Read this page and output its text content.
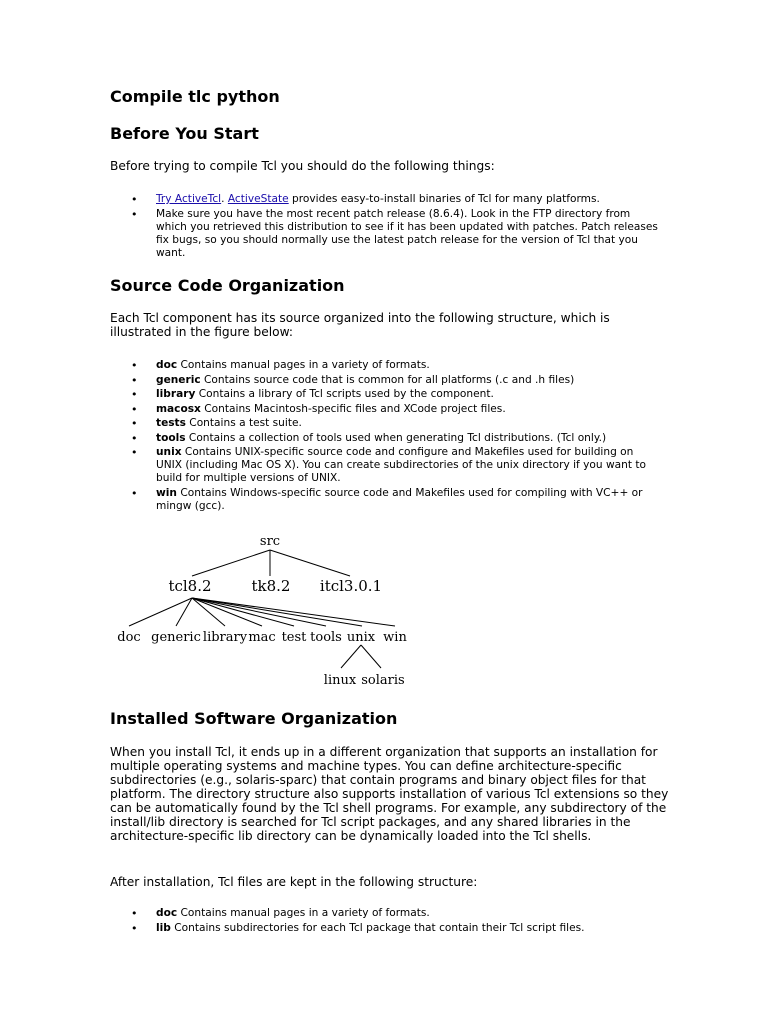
Compile tlc python
Before You Start

Before trying to compile Tcl you should do the following things:

• Try ActiveTcl. ActiveState provides easy-to-install binaries of Tcl for many platforms.
• Make sure you have the most recent patch release (8.6.4). Look in the FTP directory from which you retrieved this distribution to see if it has been updated with patches. Patch releases fix bugs, so you should normally use the latest patch release for the version of Tcl that you want.
Source Code Organization

Each Tcl component has its source organized into the following structure, which is illustrated in the figure below:

• doc Contains manual pages in a variety of formats.
• generic Contains source code that is common for all platforms (.c and .h files)
• library Contains a library of Tcl scripts used by the component.
• macosx Contains Macintosh-specific files and XCode project files.
• tests Contains a test suite.
• tools Contains a collection of tools used when generating Tcl distributions. (Tcl only.)
• unix Contains UNIX-specific source code and configure and Makefiles used for building on UNIX (including Mac OS X). You can create subdirectories of the unix directory if you want to build for multiple versions of UNIX.
• win Contains Windows-specific source code and Makefiles used for compiling with VC++ or mingw (gcc).
src
tcl8.2	tk8.2 itcl3.0.1
doc generic library mac test tools unix win
linux solaris
Installed Software Organization

When you install Tcl, it ends up in a different organization that supports an installation for multiple operating systems and machine types. You can define architecture-specific subdirectories (e.g., solaris-sparc) that contain programs and binary object files for that platform. The directory structure also supports installation of various Tcl extensions so they can be automatically found by the Tcl shell programs. For example, any subdirectory of the install/lib directory is searched for Tcl script packages, and any shared libraries in the architecture-specific lib directory can be dynamically loaded into the Tcl shells.

After installation, Tcl files are kept in the following structure:

• doc Contains manual pages in a variety of formats.
• lib Contains subdirectories for each Tcl package that contain their Tcl script files.
